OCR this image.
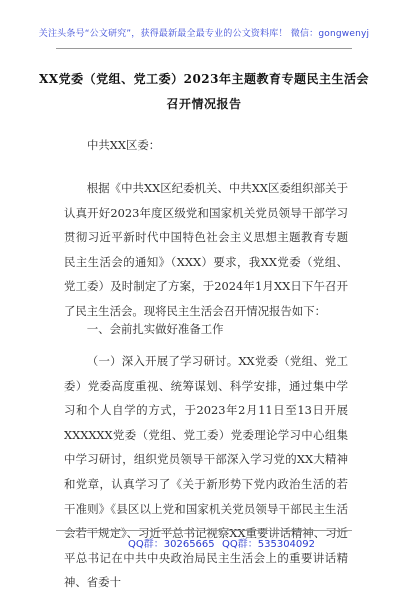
关注头条号“公文研究”，获得最新最全最专业的公文资料库！ 微信：gongwenyj
XX党委（党组、党工委）2023年主题教育专题民主生活会
召开情况报告

中共XX区委：

根据《中共XX区纪委机关、中共XX区委组织部关于认真开好2023年度区级党和国家机关党员领导干部学习贯彻习近平新时代中国特色社会主义思想主题教育专题民主生活会的通知》（XXX）要求，我XX党委（党组、党工委）及时制定了方案，于2024年1月XX日下午召开了民主生活会。现将民主生活会召开情况报告如下：

一、会前扎实做好准备工作

（一）深入开展了学习研讨。XX党委（党组、党工委）党委高度重视、统筹谋划、科学安排，通过集中学习和个人自学的方式，于2023年2月11日至13日开展XXXXXX党委（党组、党工委）党委理论学习中心组集中学习研讨，组织党员领导干部深入学习党的XX大精神和党章，认真学习了《关于新形势下党内政治生活的若干准则》《县区以上党和国家机关党员领导干部民主生活会若干规定》、习近平总书记视察XX重要讲话精神、习近平总书记在中共中央政治局民主生活会上的重要讲话精神、省委十

QQ群：30265665 QQ群：535304092
